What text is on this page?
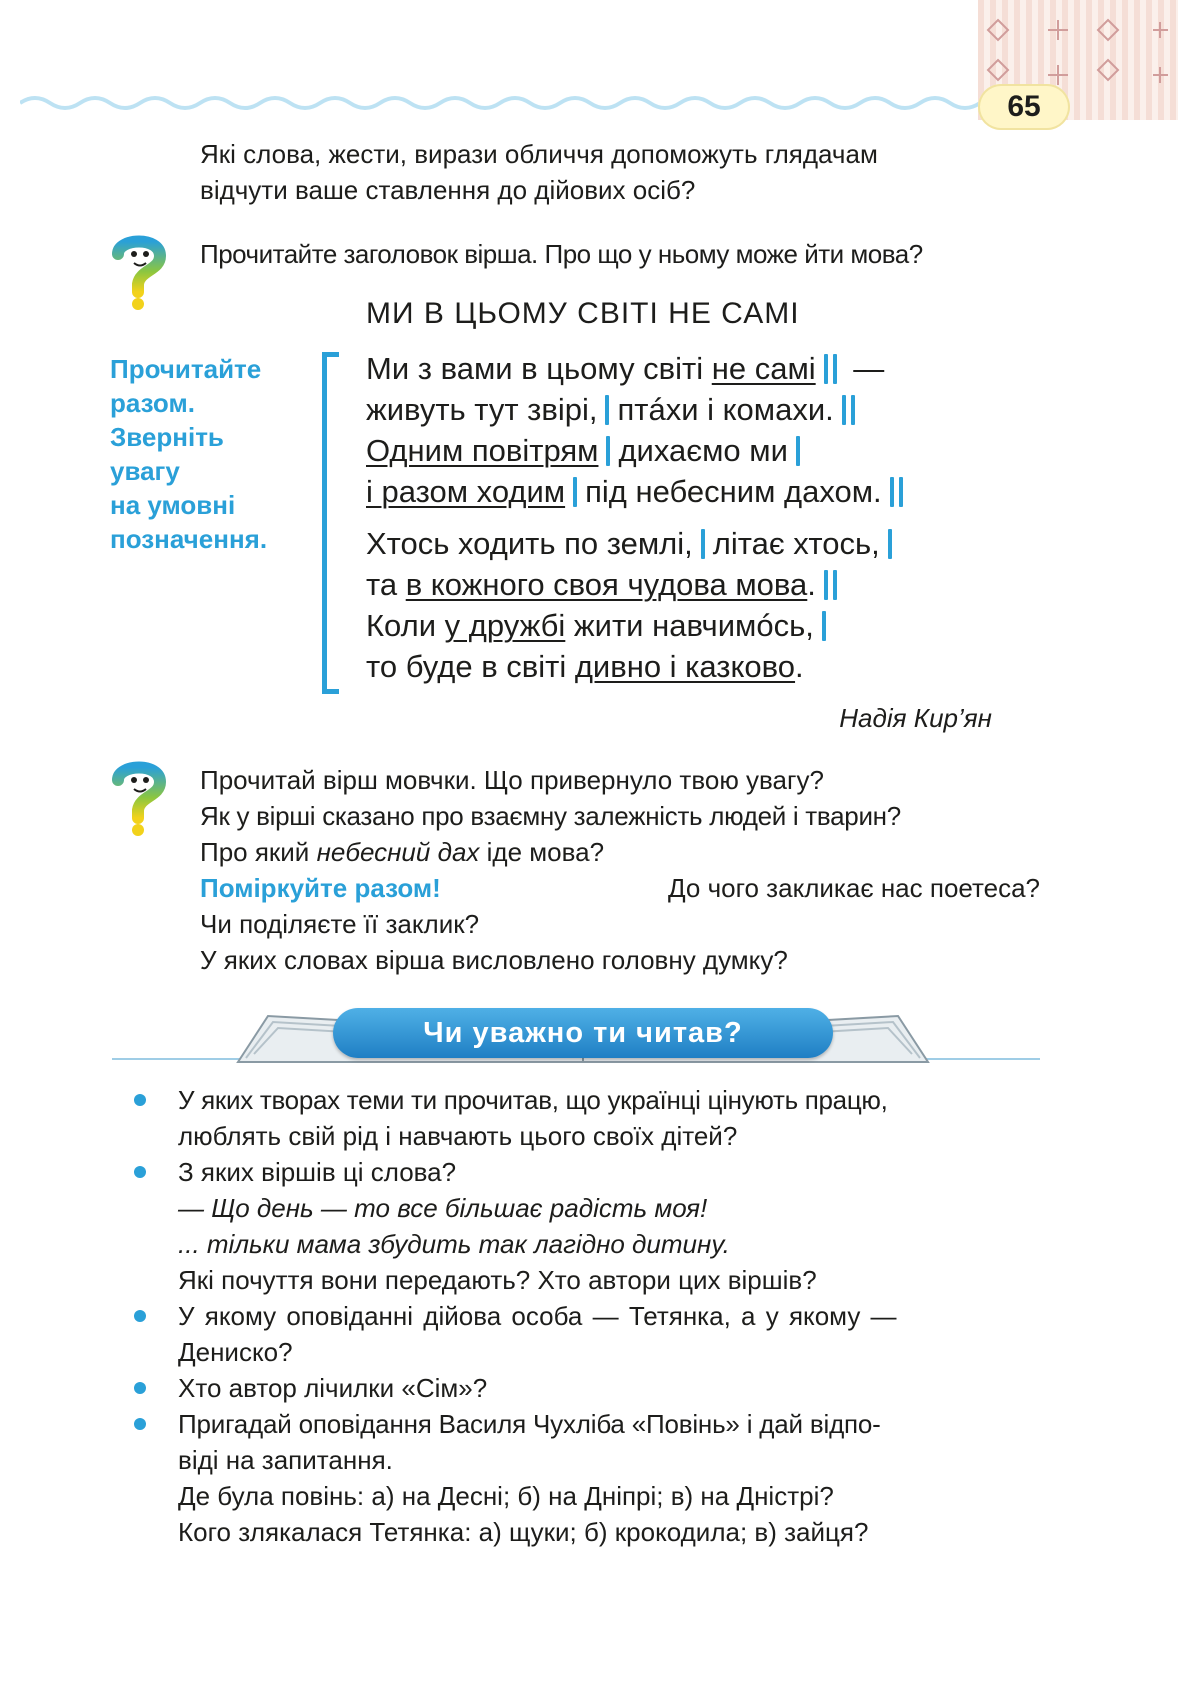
65
Які слова, жести, вирази обличчя допоможуть глядачам
відчути ваше ставлення до дійових осіб?
Прочитайте заголовок вірша. Про що у ньому може йти мова?
МИ В ЦЬОМУ СВІТІ НЕ САМІ
Прочитайте
разом.
Зверніть
увагу
на умовні
позначення.
Ми з вами в цьому світі не самі —
живуть тут звірі, птáхи і комахи.
Одним повітрям дихаємо ми
і разом ходим під небесним дахом.
Хтось ходить по землі, літає хтось,
та в кожного своя чудова мова.
Коли у дружбі жити навчимóсь,
то буде в світі дивно і казково.
Надія Кир’ян
Прочитай вірш мовчки. Що привернуло твою увагу?
Як у вірші сказано про взаємну залежність людей і тварин?
Про який небесний дах іде мова?
Поміркуйте разом!	До чого закликає нас поетеса?
Чи поділяєте її заклик?
У яких словах вірша висловлено головну думку?
Чи уважно ти читав?
У яких творах теми ти прочитав, що українці цінують працю,
люблять свій рід і навчають цього своїх дітей?
З яких віршів ці слова?
— Що день — то все більшає радість моя!
... тільки мама збудить так лагідно дитину.
Які почуття вони передають? Хто автори цих віршів?
У якому оповіданні дійова особа — Тетянка, а у якому —
Дениско?
Хто автор лічилки «Сім»?
Пригадай оповідання Василя Чухліба «Повінь» і дай відпо-
віді на запитання.
Де була повінь: а) на Десні; б) на Дніпрі; в) на Дністрі?
Кого злякалася Тетянка: а) щуки; б) крокодила; в) зайця?
